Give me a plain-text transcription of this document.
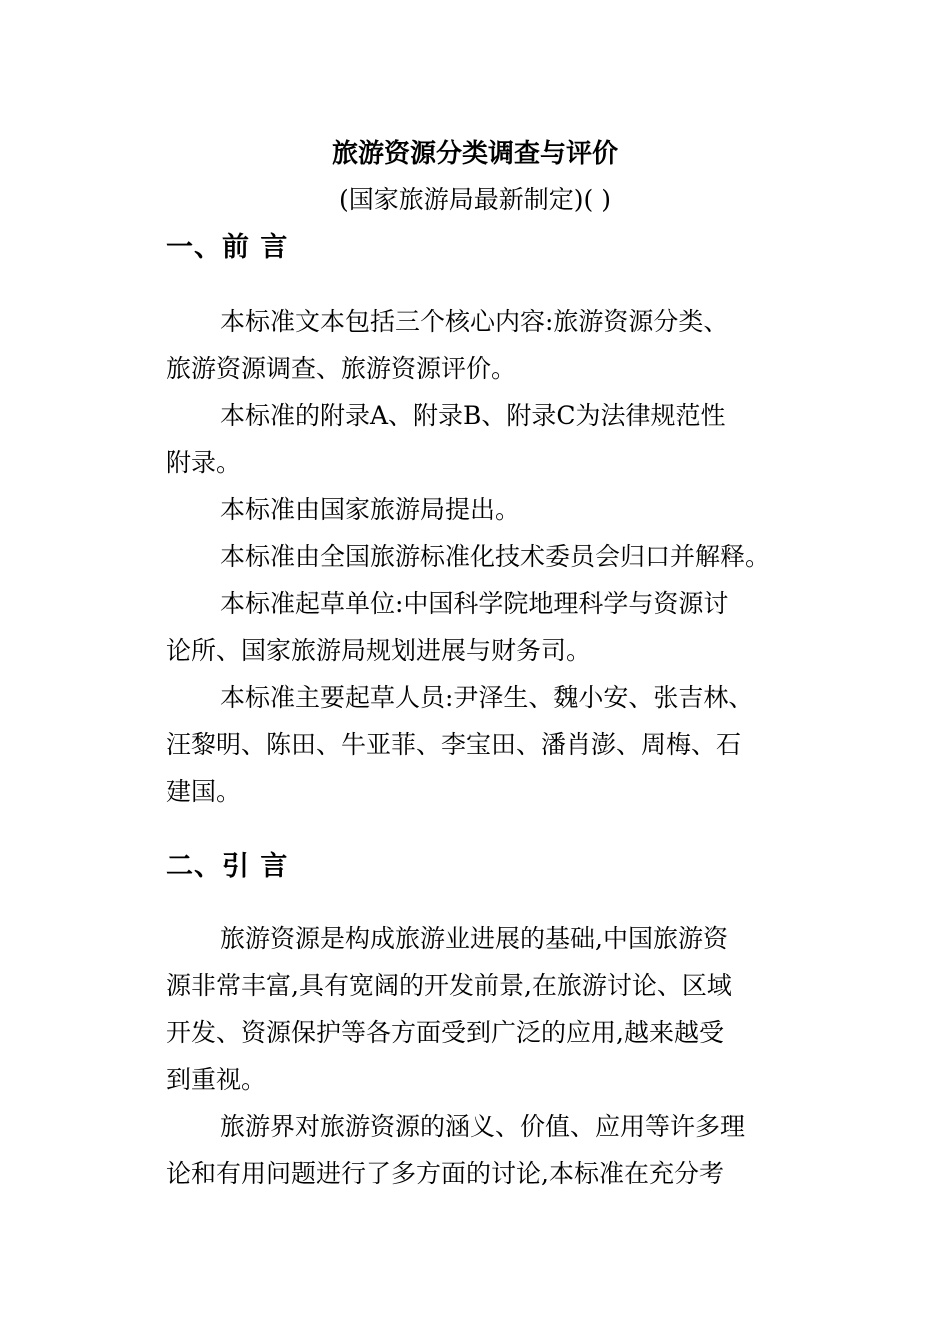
旅游资源分类调查与评价
(国家旅游局最新制定)( )
一、前 言
本标准文本包括三个核心内容:旅游资源分类、
旅游资源调查、旅游资源评价。
本标准的附录A、附录B、附录C为法律规范性
附录。
本标准由国家旅游局提出。
本标准由全国旅游标准化技术委员会归口并解释。
本标准起草单位:中国科学院地理科学与资源讨
论所、国家旅游局规划进展与财务司。
本标准主要起草人员:尹泽生、魏小安、张吉林、
汪黎明、陈田、牛亚菲、李宝田、潘肖澎、周梅、石
建国。
二、引 言
旅游资源是构成旅游业进展的基础,中国旅游资
源非常丰富,具有宽阔的开发前景,在旅游讨论、区域
开发、资源保护等各方面受到广泛的应用,越来越受
到重视。
旅游界对旅游资源的涵义、价值、应用等许多理
论和有用问题进行了多方面的讨论,本标准在充分考
